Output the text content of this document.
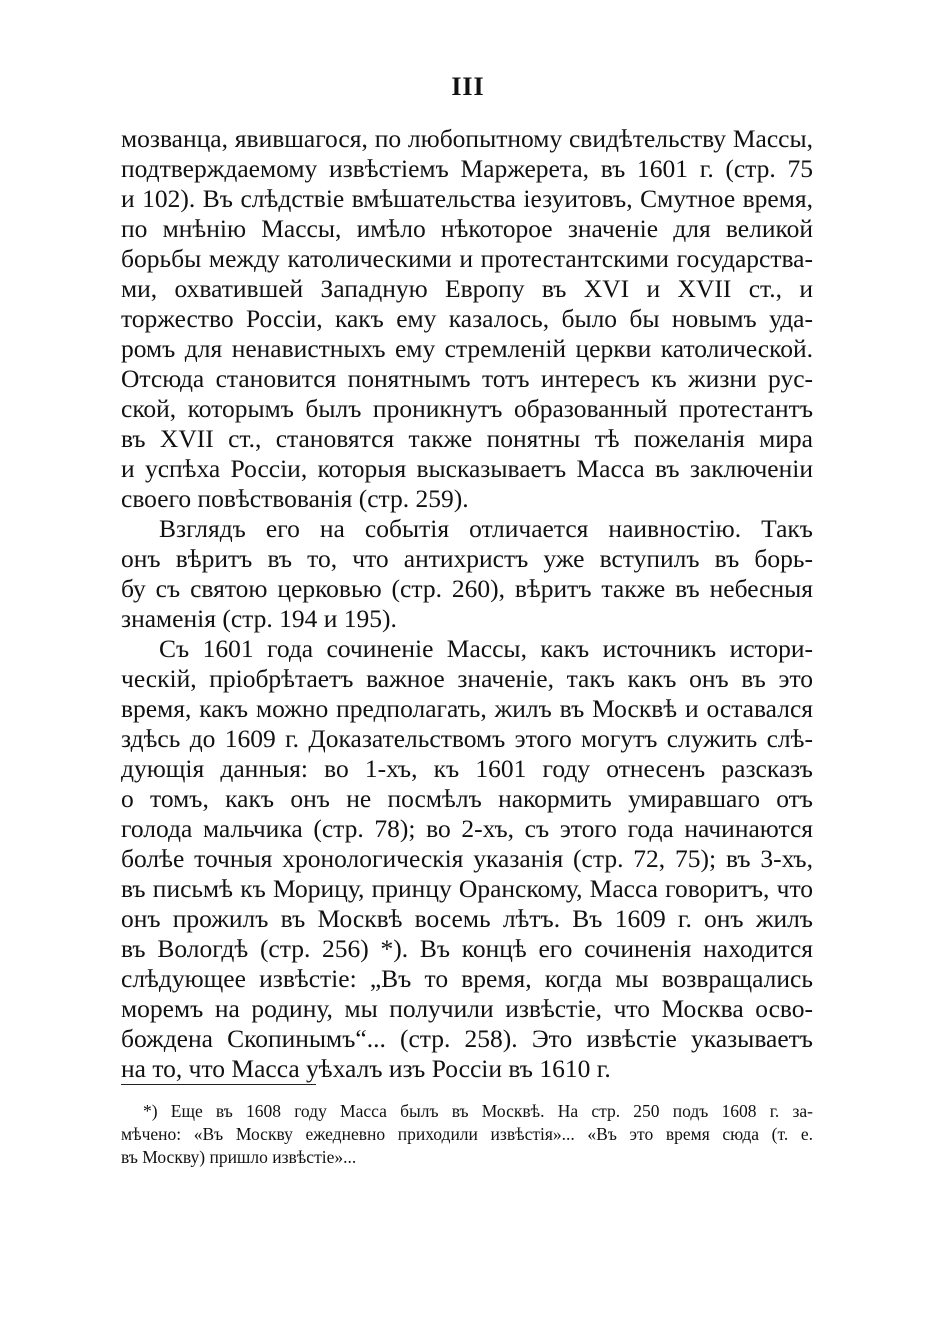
III
мозванца, явившагося, по любопытному свидѣтельству Массы,
подтверждаемому извѣстіемъ Маржерета, въ 1601 г. (стр. 75
и 102). Въ слѣдствіе вмѣшательства іезуитовъ, Смутное время,
по мнѣнію Массы, имѣло нѣкоторое значеніе для великой
борьбы между католическими и протестантскими государства-
ми, охватившей Западную Европу въ XVI и XVII ст., и
торжество Россіи, какъ ему казалось, было бы новымъ уда-
ромъ для ненавистныхъ ему стремленій церкви католической.
Отсюда становится понятнымъ тотъ интересъ къ жизни рус-
ской, которымъ былъ проникнутъ образованный протестантъ
въ XVII ст., становятся также понятны тѣ пожеланія мира
и успѣха Россіи, которыя высказываетъ Масса въ заключеніи
своего повѣствованія (стр. 259).
Взглядъ его на событія отличается наивностію. Такъ
онъ вѣритъ въ то, что антихристъ уже вступилъ въ борь-
бу съ святою церковью (стр. 260), вѣритъ также въ небесныя
знаменія (стр. 194 и 195).
Съ 1601 года сочиненіе Массы, какъ источникъ истори-
ческій, пріобрѣтаетъ важное значеніе, такъ какъ онъ въ это
время, какъ можно предполагать, жилъ въ Москвѣ и оставался
здѣсь до 1609 г. Доказательствомъ этого могутъ служить слѣ-
дующія данныя: во 1-хъ, къ 1601 году отнесенъ разсказъ
о томъ, какъ онъ не посмѣлъ накормить умиравшаго отъ
голода мальчика (стр. 78); во 2-хъ, съ этого года начинаются
болѣе точныя хронологическія указанія (стр. 72, 75); въ 3-хъ,
въ письмѣ къ Морицу, принцу Оранскому, Масса говоритъ, что
онъ прожилъ въ Москвѣ восемь лѣтъ. Въ 1609 г. онъ жилъ
въ Вологдѣ (стр. 256) *). Въ концѣ его сочиненія находится
слѣдующее извѣстіе: „Въ то время, когда мы возвращались
моремъ на родину, мы получили извѣстіе, что Москва осво-
бождена Скопинымъ“... (стр. 258). Это извѣстіе указываетъ
на то, что Масса уѣхалъ изъ Россіи въ 1610 г.
*) Еще въ 1608 году Масса былъ въ Москвѣ. На стр. 250 подъ 1608 г. за-
мѣчено: «Въ Москву ежедневно приходили извѣстія»... «Въ это время сюда (т. е.
въ Москву) пришло извѣстіе»...
